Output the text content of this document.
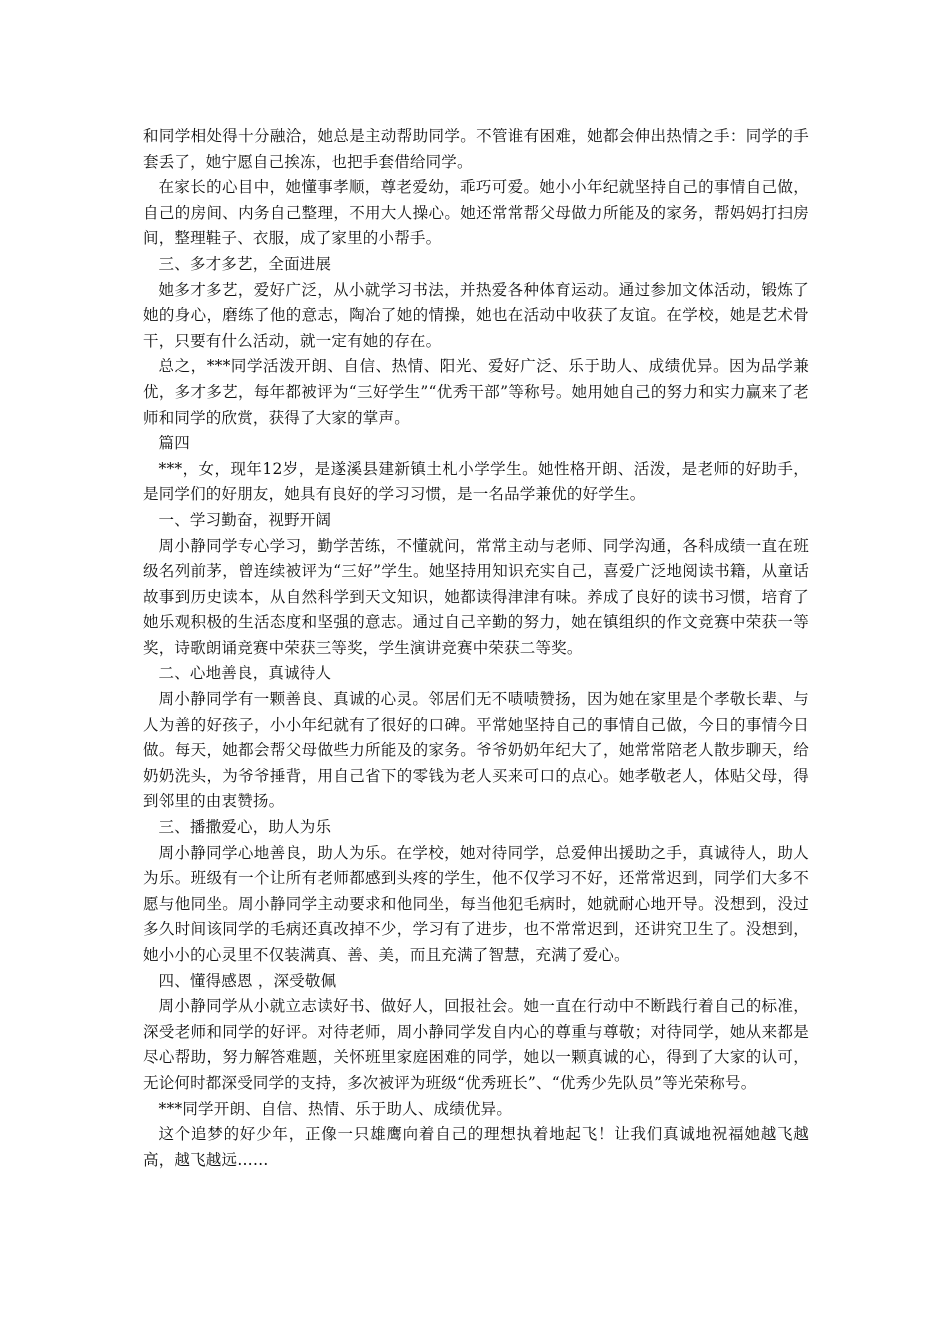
和同学相处得十分融洽，她总是主动帮助同学。不管谁有困难，她都会伸出热情之手：同学的手套丢了，她宁愿自己挨冻，也把手套借给同学。

在家长的心目中，她懂事孝顺，尊老爱幼，乖巧可爱。她小小年纪就坚持自己的事情自己做，自己的房间、内务自己整理，不用大人操心。她还常常帮父母做力所能及的家务，帮妈妈打扫房间，整理鞋子、衣服，成了家里的小帮手。

三、多才多艺，全面进展

她多才多艺，爱好广泛，从小就学习书法，并热爱各种体育运动。通过参加文体活动，锻炼了她的身心，磨练了他的意志，陶冶了她的情操，她也在活动中收获了友谊。在学校，她是艺术骨干，只要有什么活动，就一定有她的存在。

总之，***同学活泼开朗、自信、热情、阳光、爱好广泛、乐于助人、成绩优异。因为品学兼优，多才多艺，每年都被评为“三好学生”“优秀干部”等称号。她用她自己的努力和实力赢来了老师和同学的欣赏，获得了大家的掌声。

篇四

***，女，现年12岁，是遂溪县建新镇土札小学学生。她性格开朗、活泼，是老师的好助手，是同学们的好朋友，她具有良好的学习习惯，是一名品学兼优的好学生。

一、学习勤奋，视野开阔

周小静同学专心学习，勤学苦练，不懂就问，常常主动与老师、同学沟通，各科成绩一直在班级名列前茅，曾连续被评为“三好”学生。她坚持用知识充实自己，喜爱广泛地阅读书籍，从童话故事到历史读本，从自然科学到天文知识，她都读得津津有味。养成了良好的读书习惯，培育了她乐观积极的生活态度和坚强的意志。通过自己辛勤的努力，她在镇组织的作文竞赛中荣获一等奖，诗歌朗诵竞赛中荣获三等奖，学生演讲竞赛中荣获二等奖。

二、心地善良，真诚待人

周小静同学有一颗善良、真诚的心灵。邻居们无不啧啧赞扬，因为她在家里是个孝敬长辈、与人为善的好孩子，小小年纪就有了很好的口碑。平常她坚持自己的事情自己做，今日的事情今日做。每天，她都会帮父母做些力所能及的家务。爷爷奶奶年纪大了，她常常陪老人散步聊天，给奶奶洗头，为爷爷捶背，用自己省下的零钱为老人买来可口的点心。她孝敬老人，体贴父母，得到邻里的由衷赞扬。

三、播撒爱心，助人为乐

周小静同学心地善良，助人为乐。在学校，她对待同学，总爱伸出援助之手，真诚待人，助人为乐。班级有一个让所有老师都感到头疼的学生，他不仅学习不好，还常常迟到，同学们大多不愿与他同坐。周小静同学主动要求和他同坐，每当他犯毛病时，她就耐心地开导。没想到，没过多久时间该同学的毛病还真改掉不少，学习有了进步，也不常常迟到，还讲究卫生了。没想到，她小小的心灵里不仅装满真、善、美，而且充满了智慧，充满了爱心。

四、懂得感恩 ，深受敬佩

周小静同学从小就立志读好书、做好人，回报社会。她一直在行动中不断践行着自己的标准，深受老师和同学的好评。对待老师，周小静同学发自内心的尊重与尊敬；对待同学，她从来都是尽心帮助，努力解答难题，关怀班里家庭困难的同学，她以一颗真诚的心，得到了大家的认可，无论何时都深受同学的支持，多次被评为班级“优秀班长”、“优秀少先队员”等光荣称号。

***同学开朗、自信、热情、乐于助人、成绩优异。

这个追梦的好少年，正像一只雄鹰向着自己的理想执着地起飞！让我们真诚地祝福她越飞越高，越飞越远……
